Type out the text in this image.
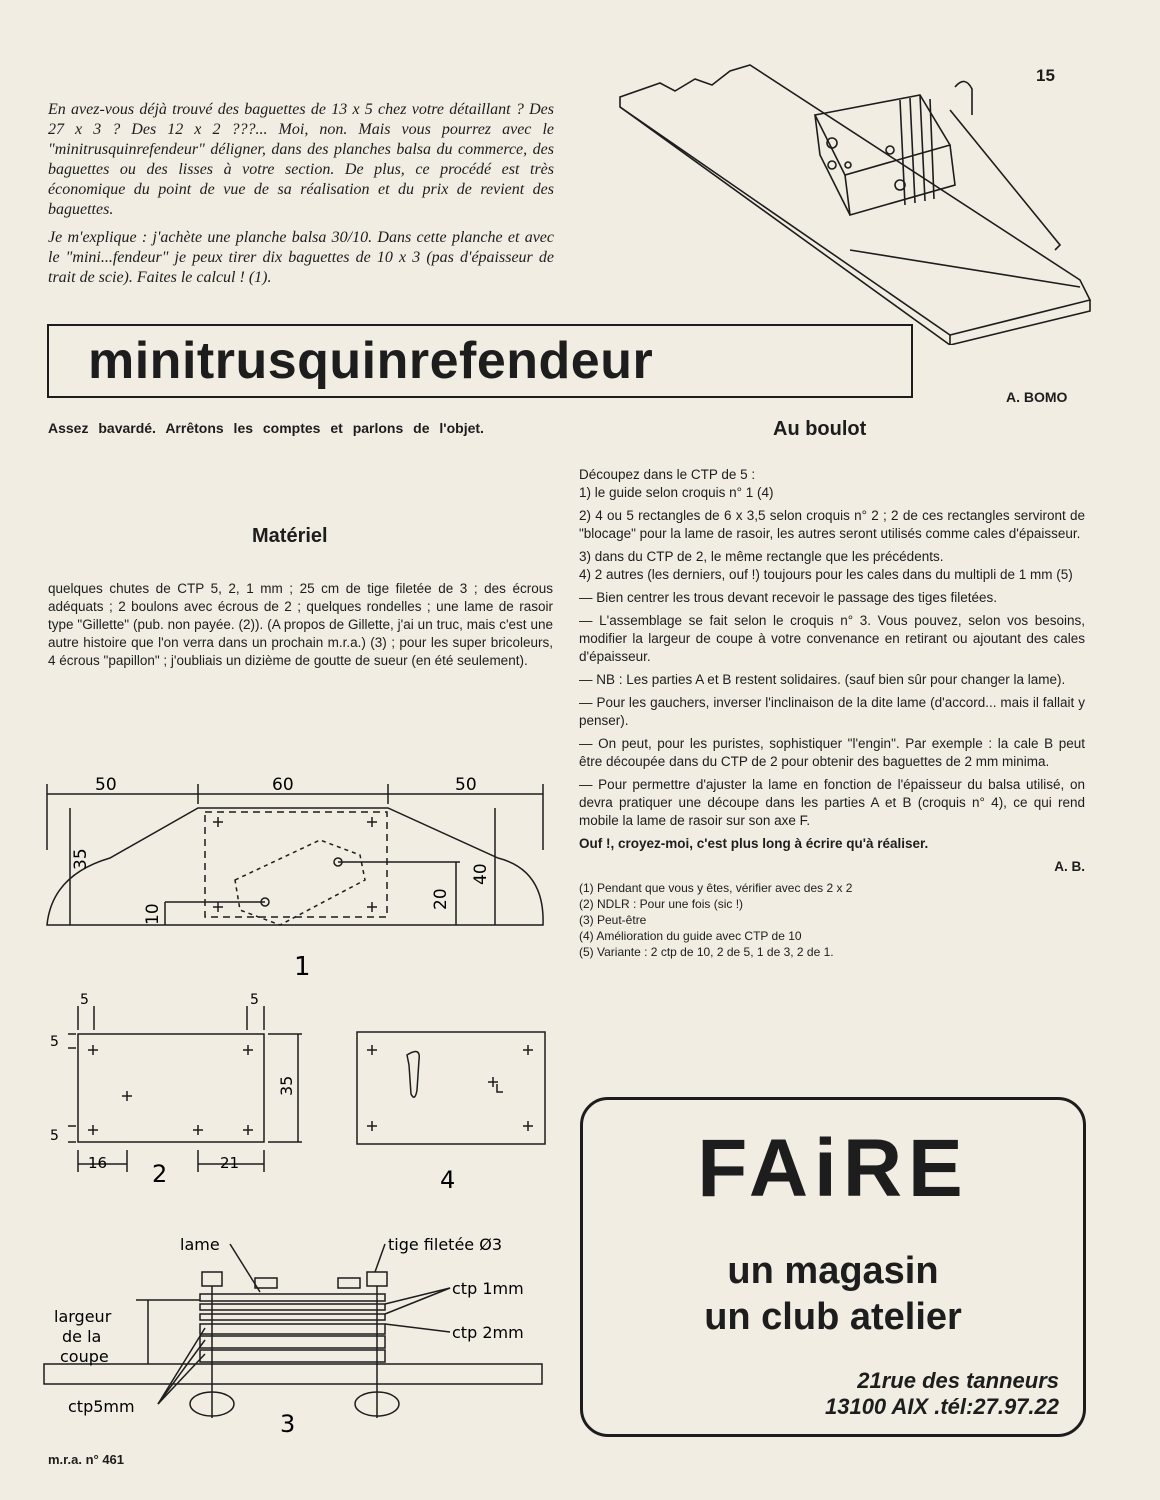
15

En avez-vous déjà trouvé des baguettes de 13 x 5 chez votre détaillant ? Des 27 x 3 ? Des 12 x 2 ???... Moi, non. Mais vous pourrez avec le "minitrusquinrefendeur" déligner, dans des planches balsa du commerce, des baguettes ou des lisses à votre section. De plus, ce procédé est très économique du point de vue de sa réalisation et du prix de revient des baguettes.

Je m'explique : j'achète une planche balsa 30/10. Dans cette planche et avec le "mini...fendeur" je peux tirer dix baguettes de 10 x 3 (pas d'épaisseur de trait de scie). Faites le calcul ! (1).

minitrusquinrefendeur
A. BOMO
Assez bavardé. Arrêtons les comptes et parlons de l'objet.	Au boulot
Matériel
quelques chutes de CTP 5, 2, 1 mm ; 25 cm de tige filetée de 3 ; des écrous adéquats ; 2 boulons avec écrous de 2 ; quelques rondelles ; une lame de rasoir type "Gillette" (pub. non payée. (2)). (A propos de Gillette, j'ai un truc, mais c'est une autre histoire que l'on verra dans un prochain m.r.a.) (3) ; pour les super bricoleurs, 4 écrous "papillon" ; j'oubliais un dizième de goutte de sueur (en été seulement).
Découpez dans le CTP de 5 :
1) le guide selon croquis n° 1 (4)
2) 4 ou 5 rectangles de 6 x 3,5 selon croquis n° 2 ; 2 de ces rectangles serviront de "blocage" pour la lame de rasoir, les autres seront utilisés comme cales d'épaisseur.
3) dans du CTP de 2, le même rectangle que les précédents.
4) 2 autres (les derniers, ouf !) toujours pour les cales dans du multipli de 1 mm (5)
— Bien centrer les trous devant recevoir le passage des tiges filetées.
— L'assemblage se fait selon le croquis n° 3. Vous pouvez, selon vos besoins, modifier la largeur de coupe à votre convenance en retirant ou ajoutant des cales d'épaisseur.
— NB : Les parties A et B restent solidaires. (sauf bien sûr pour changer la lame).
— Pour les gauchers, inverser l'inclinaison de la dite lame (d'accord... mais il fallait y penser).
— On peut, pour les puristes, sophistiquer "l'engin". Par exemple : la cale B peut être découpée dans du CTP de 2 pour obtenir des baguettes de 2 mm minima.
— Pour permettre d'ajuster la lame en fonction de l'épaisseur du balsa utilisé, on devra pratiquer une découpe dans les parties A et B (croquis n° 4), ce qui rend mobile la lame de rasoir sur son axe F.
Ouf !, croyez-moi, c'est plus long à écrire qu'à réaliser.
A. B.
(1) Pendant que vous y êtes, vérifier avec des 2 x 2
(2) NDLR : Pour une fois (sic !)
(3) Peut-être
(4) Amélioration du guide avec CTP de 10
(5) Variante : 2 ctp de 10, 2 de 5, 1 de 3, 2 de 1.
50	60	50
35
10
20
40
1
5	5
5
5
35
16	21
2	4
lame	tige filetée Ø3
ctp 1mm
ctp 2mm
largeur
de la
coupe
ctp5mm
3
FAiRE
un magasin
un club atelier
21rue des tanneurs
13100 AIX .tél:27.97.22
m.r.a. n° 461
